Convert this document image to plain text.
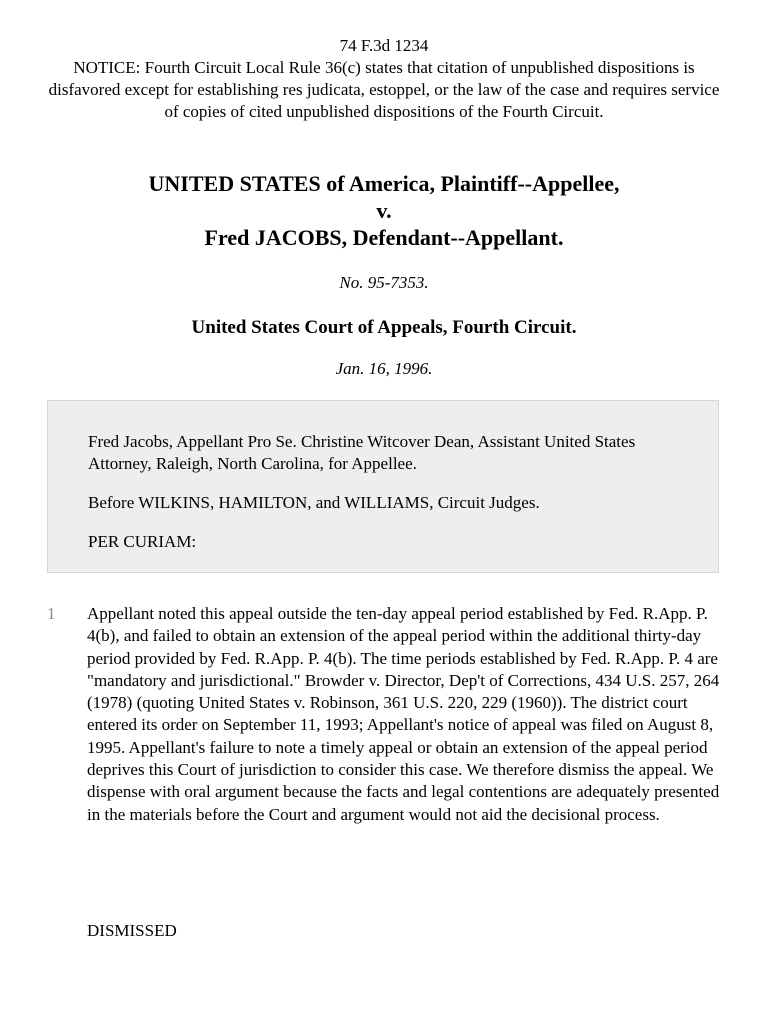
74 F.3d 1234

NOTICE: Fourth Circuit Local Rule 36(c) states that citation of unpublished dispositions is disfavored except for establishing res judicata, estoppel, or the law of the case and requires service of copies of cited unpublished dispositions of the Fourth Circuit.

UNITED STATES of America, Plaintiff--Appellee,

v.

Fred JACOBS, Defendant--Appellant.

No. 95-7353.

United States Court of Appeals, Fourth Circuit.

Jan. 16, 1996.

Fred Jacobs, Appellant Pro Se. Christine Witcover Dean, Assistant United States Attorney, Raleigh, North Carolina, for Appellee.

Before WILKINS, HAMILTON, and WILLIAMS, Circuit Judges.

PER CURIAM:

1 Appellant noted this appeal outside the ten-day appeal period established by Fed. R.App. P. 4(b), and failed to obtain an extension of the appeal period within the additional thirty-day period provided by Fed. R.App. P. 4(b). The time periods established by Fed. R.App. P. 4 are "mandatory and jurisdictional." Browder v. Director, Dep't of Corrections, 434 U.S. 257, 264 (1978) (quoting United States v. Robinson, 361 U.S. 220, 229 (1960)). The district court entered its order on September 11, 1993; Appellant's notice of appeal was filed on August 8, 1995. Appellant's failure to note a timely appeal or obtain an extension of the appeal period deprives this Court of jurisdiction to consider this case. We therefore dismiss the appeal. We dispense with oral argument because the facts and legal contentions are adequately presented in the materials before the Court and argument would not aid the decisional process.

DISMISSED
